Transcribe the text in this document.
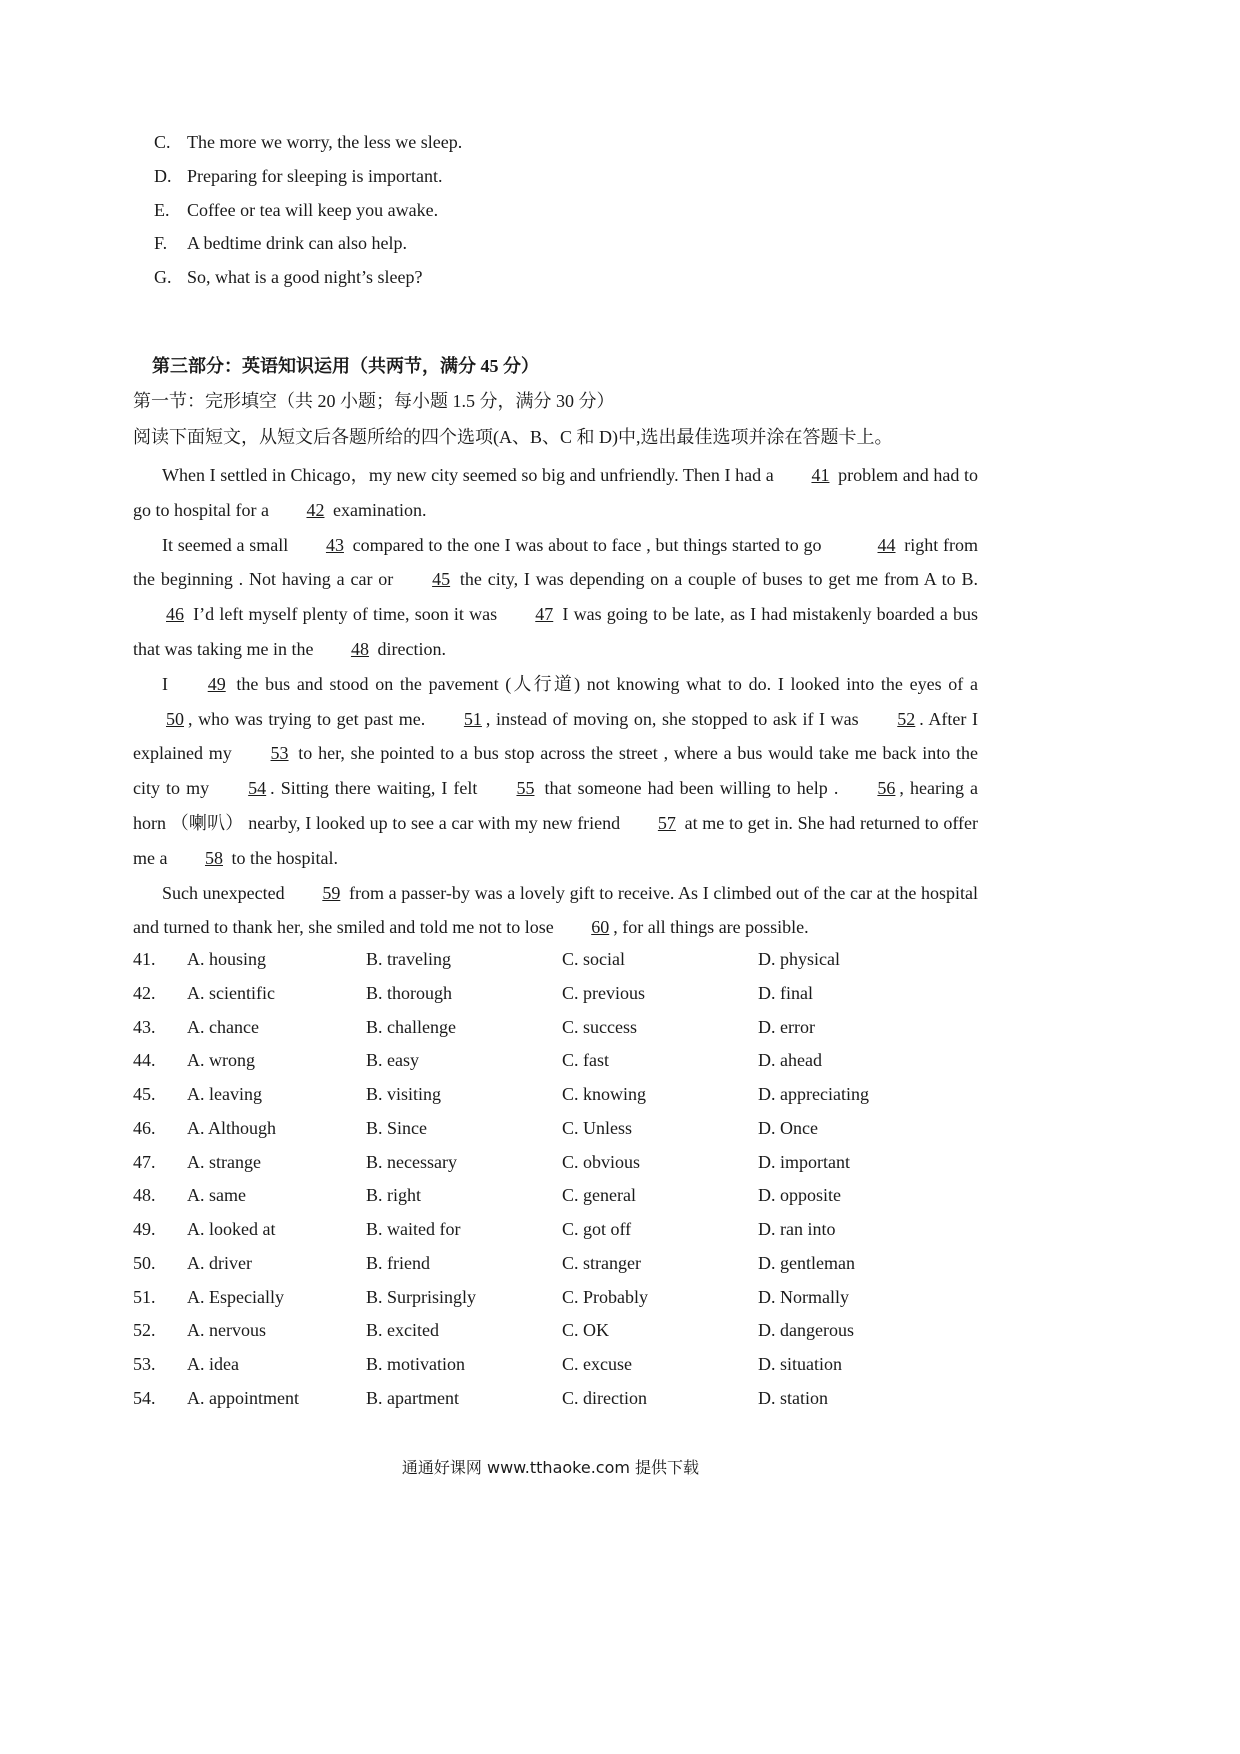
C. The more we worry, the less we sleep.
D. Preparing for sleeping is important.
E. Coffee or tea will keep you awake.
F. A bedtime drink can also help.
G. So, what is a good night’s sleep?
第三部分：英语知识运用（共两节，满分 45 分）
第一节：完形填空（共 20 小题；每小题 1.5 分，满分 30 分）
阅读下面短文，从短文后各题所给的四个选项(A、B、C 和 D)中,选出最佳选项并涂在答题卡上。

When I settled in Chicago，my new city seemed so big and unfriendly. Then I had a 41 problem and had to go to hospital for a 42 examination.

It seemed a small 43 compared to the one I was about to face , but things started to go	44 right from the beginning . Not having a car or 45 the city, I was depending on a couple of buses to get me from A to B. 46 I’d left myself plenty of time, soon it was 47 I was going to be late, as I had mistakenly boarded a bus that was taking me in the 48 direction.

I 49 the bus and stood on the pavement (人行道) not knowing what to do. I looked into the eyes of a 50 , who was trying to get past me. 51 , instead of moving on, she stopped to ask if I was 52 . After I explained my 53 to her, she pointed to a bus stop across the street , where a bus would take me back into the city to my 54 . Sitting there waiting, I felt 55 that someone had been willing to help . 56 , hearing a horn （喇叭） nearby, I looked up to see a car with my new friend 57 at me to get in. She had returned to offer me a 58 to the hospital.

Such unexpected 59 from a passer-by was a lovely gift to receive. As I climbed out of the car at the hospital and turned to thank her, she smiled and told me not to lose 60 , for all things are possible.

41. A. housing	B. traveling	C. social	D. physical
42. A. scientific	B. thorough	C. previous	D. final
43. A. chance	B. challenge	C. success	D. error
44. A. wrong	B. easy	C. fast	D. ahead
45. A. leaving	B. visiting	C. knowing	D. appreciating
46. A. Although	B. Since	C. Unless	D. Once
47. A. strange	B. necessary	C. obvious	D. important
48. A. same	B. right	C. general	D. opposite
49. A. looked at	B. waited for	C. got off	D. ran into
50. A. driver	B. friend	C. stranger	D. gentleman
51. A. Especially	B. Surprisingly	C. Probably	D. Normally
52. A. nervous	B. excited	C. OK	D. dangerous
53. A. idea	B. motivation	C. excuse	D. situation
54. A. appointment	B. apartment	C. direction	D. station
通通好课网 www.tthaoke.com 提供下载
